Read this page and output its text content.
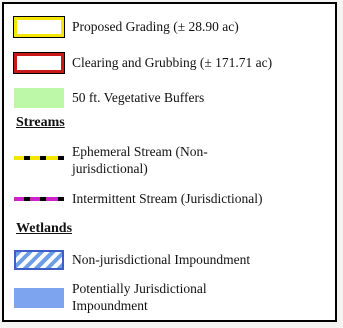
Proposed Grading (± 28.90 ac)
Clearing and Grubbing (± 171.71 ac)
50 ft. Vegetative Buffers
Streams
Ephemeral Stream (Non-jurisdictional)
Intermittent Stream (Jurisdictional)
Wetlands
Non-jurisdictional Impoundment
Potentially Jurisdictional Impoundment
